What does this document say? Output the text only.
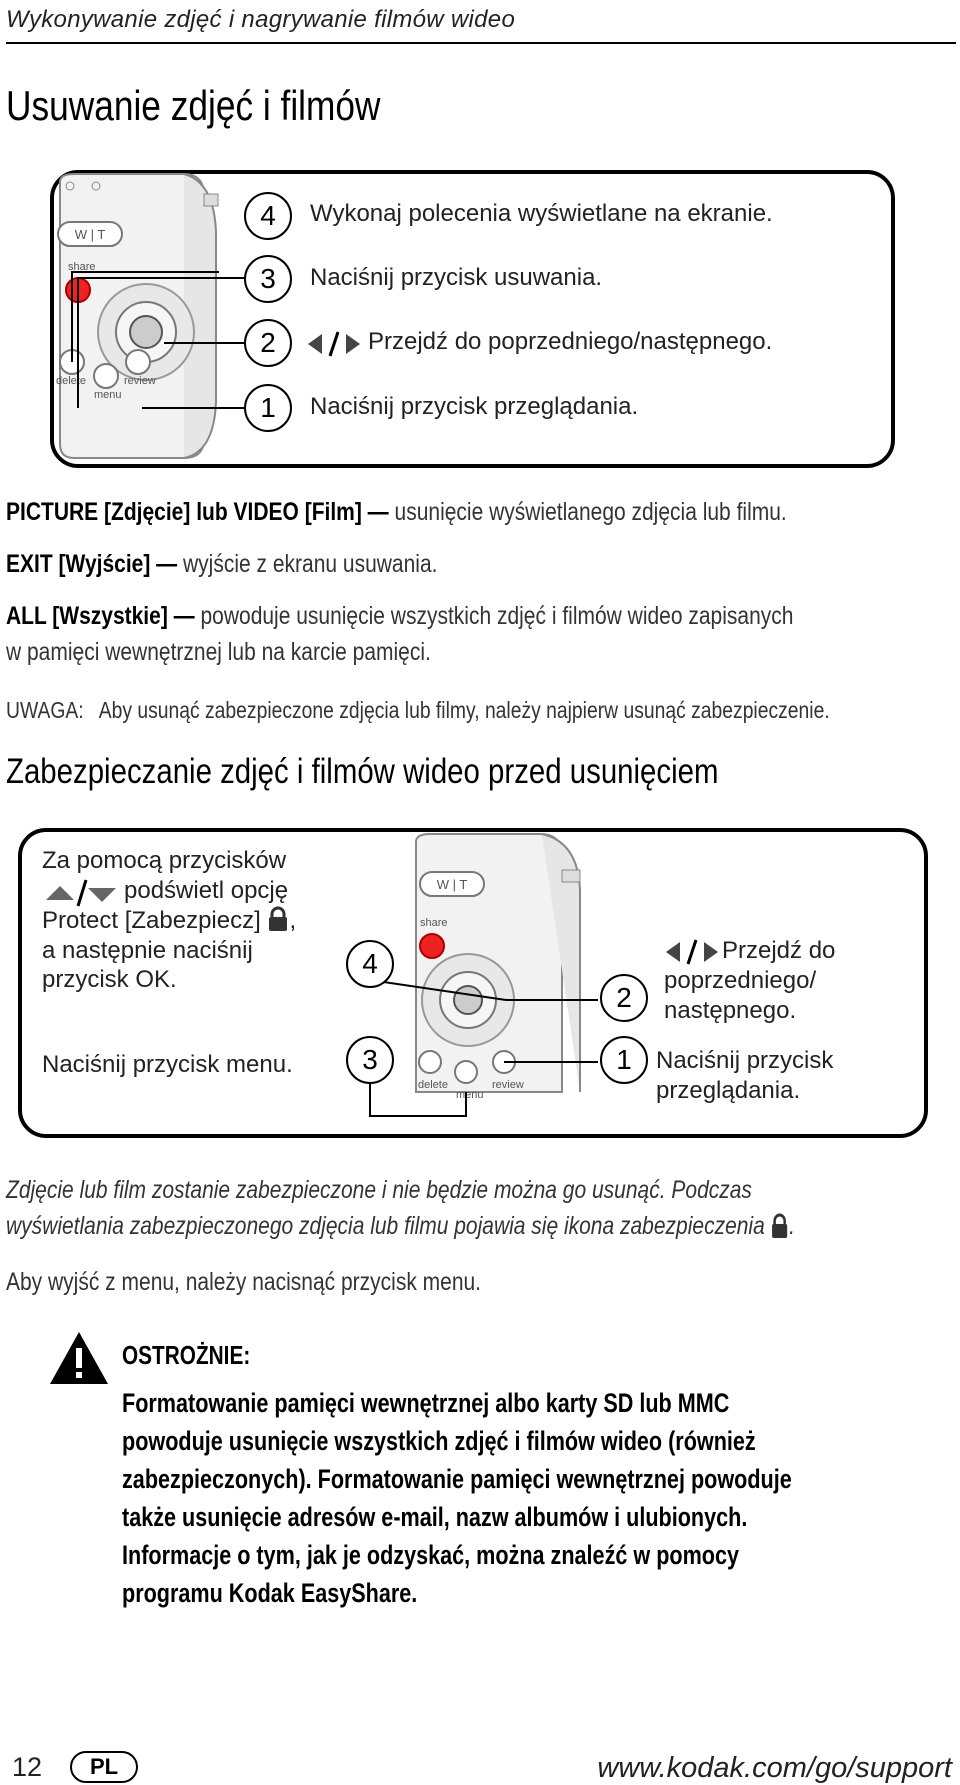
Wykonywanie zdjęć i nagrywanie filmów wideo
Usuwanie zdjęć i filmów
W | T
share
delete
menu
review
4	Wykonaj polecenia wyświetlane na ekranie.
3	Naciśnij przycisk usuwania.
2	Przejdź do poprzedniego/następnego.
1	Naciśnij przycisk przeglądania.
PICTURE [Zdjęcie] lub VIDEO [Film] — usunięcie wyświetlanego zdjęcia lub filmu.
EXIT [Wyjście] — wyjście z ekranu usuwania.
ALL [Wszystkie] — powoduje usunięcie wszystkich zdjęć i filmów wideo zapisanych
w pamięci wewnętrznej lub na karcie pamięci.
UWAGA: Aby usunąć zabezpieczone zdjęcia lub filmy, należy najpierw usunąć zabezpieczenie.
Zabezpieczanie zdjęć i filmów wideo przed usunięciem
Za pomocą przycisków
podświetl opcję
Protect [Zabezpiecz] ,
a następnie naciśnij
przycisk OK.
Naciśnij przycisk menu.
W | T
share
delete
menu
review
4
3
2
1
Przejdź do
poprzedniego/
następnego.
Naciśnij przycisk
przeglądania.
Zdjęcie lub film zostanie zabezpieczone i nie będzie można go usunąć. Podczas
wyświetlania zabezpieczonego zdjęcia lub filmu pojawia się ikona zabezpieczenia .
Aby wyjść z menu, należy nacisnąć przycisk menu.
OSTROŻNIE:
Formatowanie pamięci wewnętrznej albo karty SD lub MMC
powoduje usunięcie wszystkich zdjęć i filmów wideo (również
zabezpieczonych). Formatowanie pamięci wewnętrznej powoduje
także usunięcie adresów e-mail, nazw albumów i ulubionych.
Informacje o tym, jak je odzyskać, można znaleźć w pomocy
programu Kodak EasyShare.
12	PL	www.kodak.com/go/support
